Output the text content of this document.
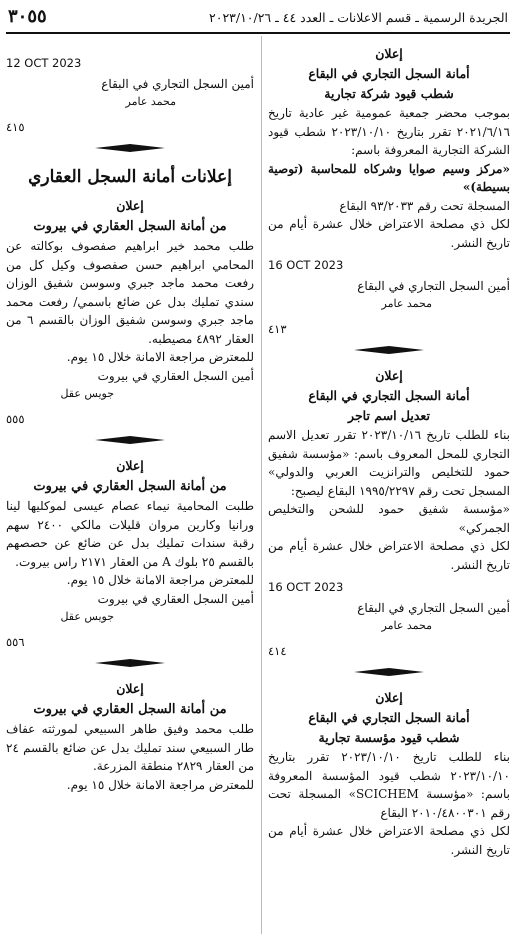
الجريدة الرسمية ـ قسم الاعلانات ـ العدد ٤٤ ـ ٢٠٢٣/١٠/٢٦
٣٠٥٥
إعلان
أمانة السجل التجاري في البقاع
شطب قيود شركة تجارية

بموجب محضر جمعية عمومية غير عادية تاريخ ٢٠٢١/٦/١٦ تقرر بتاريخ ٢٠٢٣/١٠/١٠ شطب قيود الشركة التجارية المعروفة باسم:

«مركز وسيم صوايا وشركاه للمحاسبة (توصية بسيطة)»

المسجلة تحت رقم ٩٣/٢٠٣٣ البقاع

لكل ذي مصلحة الاعتراض خلال عشرة أيام من تاريخ النشر.

16 OCT 2023
أمين السجل التجاري في البقاع
محمد عامر
٤١٣
إعلان
أمانة السجل التجاري في البقاع
تعديل اسم تاجر

بناء للطلب تاريخ ٢٠٢٣/١٠/١٦ تقرر تعديل الاسم التجاري للمحل المعروف باسم: «مؤسسة شفيق حمود للتخليص والترانزيت العربي والدولي» المسجل تحت رقم ١٩٩٥/٢٢٩٧ البقاع ليصبح:

«مؤسسة شفيق حمود للشحن والتخليص الجمركي»

لكل ذي مصلحة الاعتراض خلال عشرة أيام من تاريخ النشر.

16 OCT 2023
أمين السجل التجاري في البقاع
محمد عامر
٤١٤
إعلان
أمانة السجل التجاري في البقاع
شطب قيود مؤسسة تجارية

بناء للطلب تاريخ ٢٠٢٣/١٠/١٠ تقرر بتاريخ ٢٠٢٣/١٠/١٠ شطب قيود المؤسسة المعروفة باسم: «مؤسسة SCICHEM» المسجلة تحت رقم ٢٠١٠/٤٨٠٠٣٠١ البقاع

لكل ذي مصلحة الاعتراض خلال عشرة أيام من تاريخ النشر.

12 OCT 2023
أمين السجل التجاري في البقاع
محمد عامر
٤١٥
إعلانات أمانة السجل العقاري
إعلان
من أمانة السجل العقاري في بيروت

طلب محمد خير ابراهيم صفصوف بوكالته عن المحامي ابراهيم حسن صفصوف وكيل كل من رفعت محمد ماجد جبري وسوسن شفيق الوزان سندي تمليك بدل عن ضائع باسمي/ رفعت محمد ماجد جبري وسوسن شفيق الوزان بالقسم ٦ من العقار ٤٨٩٢ مصيطبه.

للمعترض مراجعة الامانة خلال ١٥ يوم.

أمين السجل العقاري في بيروت
جويس عقل
٥٥٥
إعلان
من أمانة السجل العقاري في بيروت

طلبت المحامية نيماء عصام عيسى لموكليها لينا ورانيا وكارين مروان قليلات مالكي ٢٤٠٠ سهم رقبة سندات تمليك بدل عن ضائع عن حصصهم بالقسم ٢٥ بلوك A من العقار ٢١٧١ راس بيروت.

للمعترض مراجعة الامانة خلال ١٥ يوم.

أمين السجل العقاري في بيروت
جويس عقل
٥٥٦
إعلان
من أمانة السجل العقاري في بيروت

طلب محمد وفيق طاهر السبيعي لمورثته عفاف طار السبيعي سند تمليك بدل عن ضائع بالقسم ٢٤ من العقار ٢٨٢٩ منطقة المزرعة.

للمعترض مراجعة الامانة خلال ١٥ يوم.
